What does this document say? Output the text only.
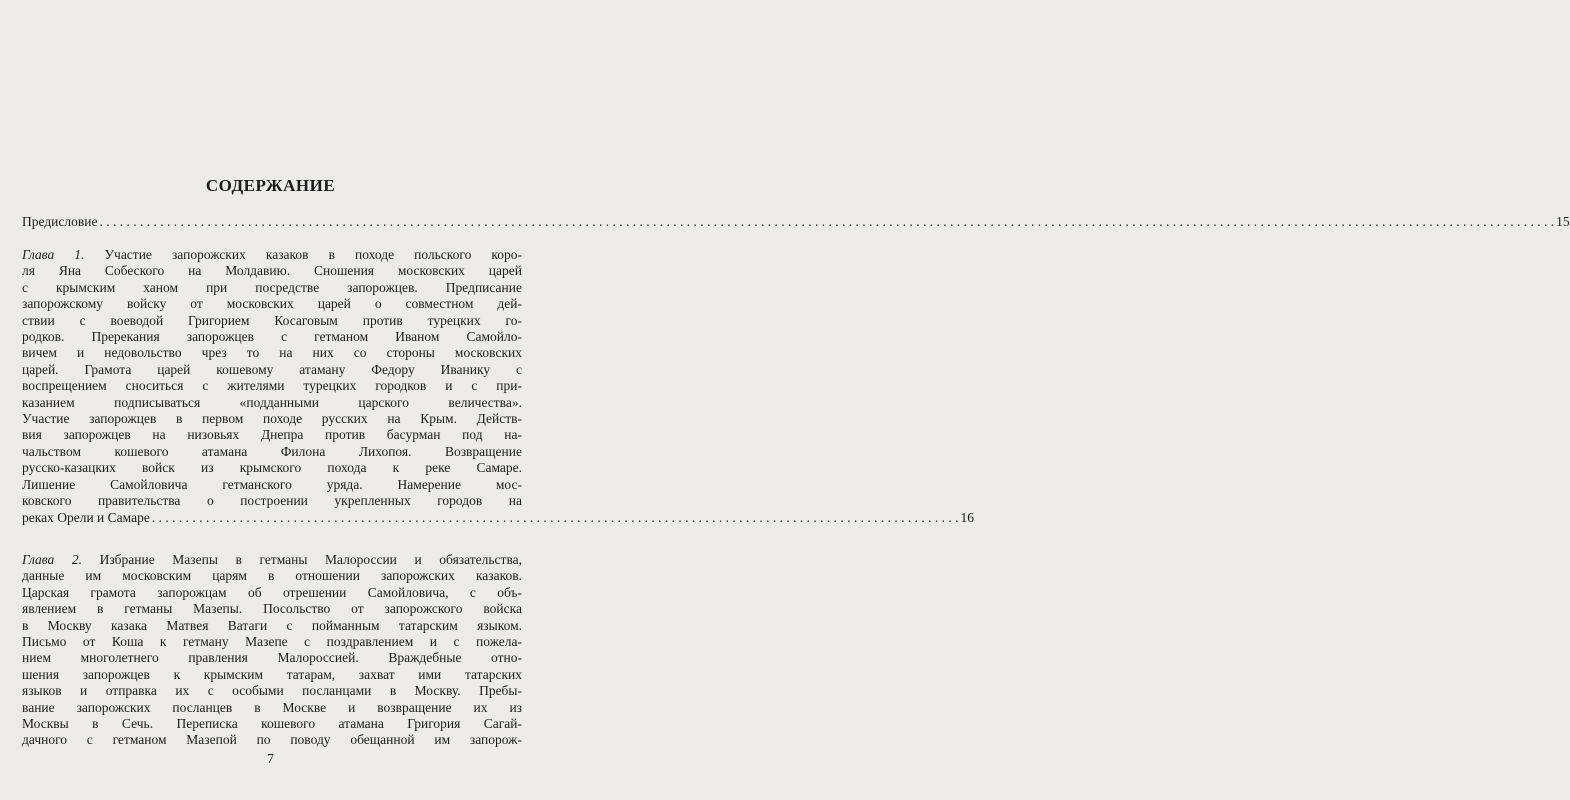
СОДЕРЖАНИЕ
Предисловие
. . .	15

Глава 1. Участие запорожских казаков в походе польского коро-

ля Яна Собеского на Молдавию. Сношения московских царей

с крымским ханом при посредстве запорожцев. Предписание

запорожскому войску от московских царей о совместном дей-

ствии с воеводой Григорием Косаговым против турецких го-

родков. Пререкания запорожцев с гетманом Иваном Самойло-

вичем и недовольство чрез то на них со стороны московских

царей. Грамота царей кошевому атаману Федору Иванику с

воспрещением сноситься с жителями турецких городков и с при-

казанием подписываться «подданными царского величества».

Участие запорожцев в первом походе русских на Крым. Действ-

вия запорожцев на низовьях Днепра против басурман под на-

чальством кошевого атамана Филона Лихопоя. Возвращение

русско-казацких войск из крымского похода к реке Самаре.

Лишение Самойловича гетманского уряда. Намерение мос-

ковского правительства о построении укрепленных городов на

реках Орели и Самаре . . . . . . . . . . . . . . . . . . . . . . . . . . . . . . . . . . . . . . . . . . . . . . . . . . . . . . . . . . . . . . . . . . . . . . . . . . . . . . . . . . . . . . . . . . . . . . . . . . . . . . . . . . . . . . . . . . . . . . . . 16

Глава 2. Избрание Мазепы в гетманы Малороссии и обязательства,

данные им московским царям в отношении запорожских казаков.

Царская грамота запорожцам об отрешении Самойловича, с объ-

явлением в гетманы Мазепы. Посольство от запорожского войска

в Москву казака Матвея Ватаги с пойманным татарским языком.

Письмо от Коша к гетману Мазепе с поздравлением и с пожела-

нием многолетнего правления Малороссией. Враждебные отно-

шения запорожцев к крымским татарам, захват ими татарских

языков и отправка их с особыми посланцами в Москву. Пребы-

вание запорожских посланцев в Москве и возвращение их из

Москвы в Сечь. Переписка кошевого атамана Григория Сагай-

дачного с гетманом Мазепой по поводу обещанной им запорож-

7
